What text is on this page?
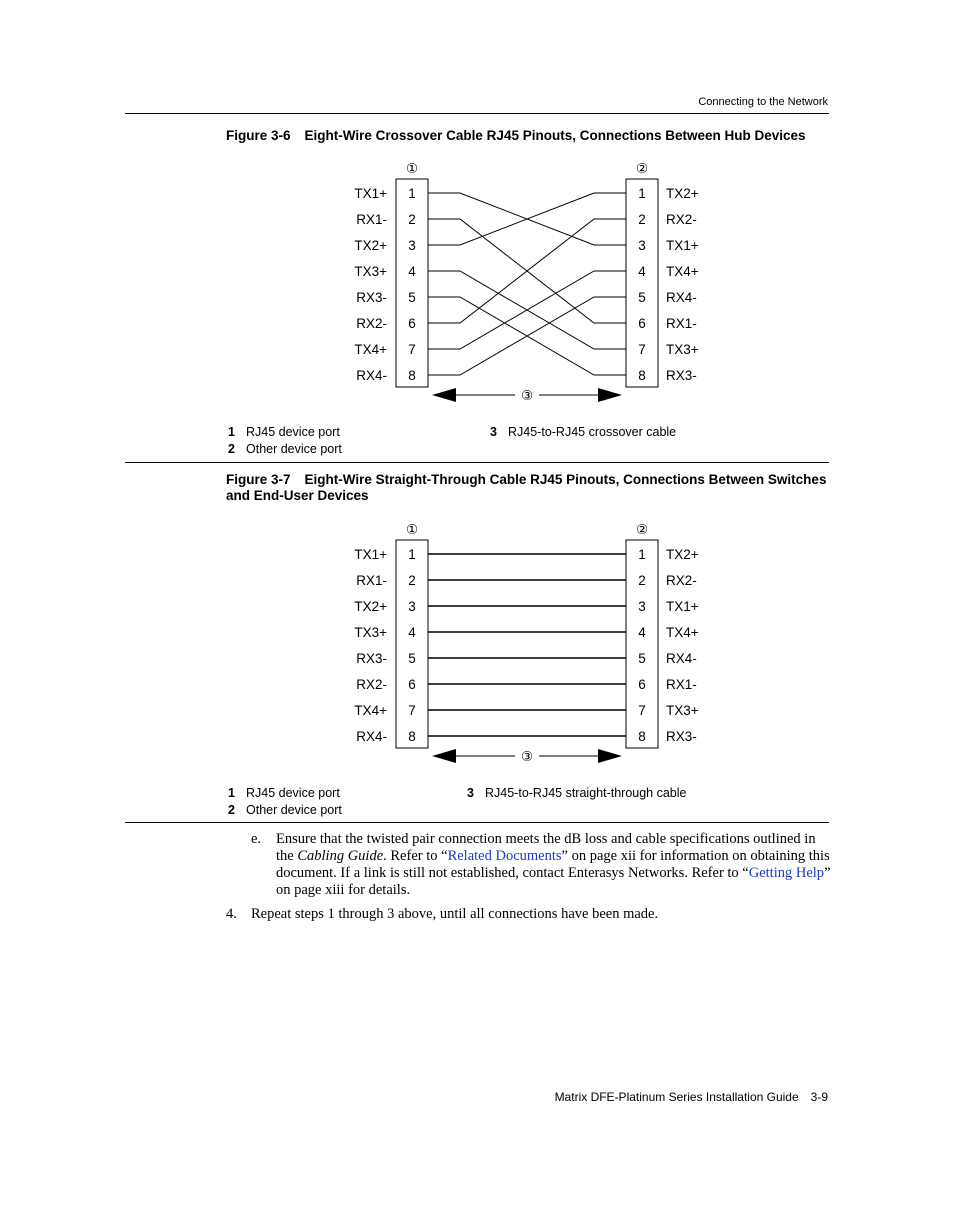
Connecting to the Network
Figure 3-6 Eight-Wire Crossover Cable RJ45 Pinouts, Connections Between Hub Devices
①	②
TX1+ 1	1 TX2+
RX1- 2	2 RX2-
TX2+ 3	3 TX1+
TX3+ 4	4 TX4+
RX3- 5	5 RX4-
RX2- 6	6 RX1-
TX4+ 7	7 TX3+
RX4- 8	8 RX3-
③
1 RJ45 device port
2 Other device port
3 RJ45-to-RJ45 crossover cable
Figure 3-7 Eight-Wire Straight-Through Cable RJ45 Pinouts, Connections Between Switches and End-User Devices
①	②
TX1+ 1	1 TX2+
RX1- 2	2 RX2-
TX2+ 3	3 TX1+
TX3+ 4	4 TX4+
RX3- 5	5 RX4-
RX2- 6	6 RX1-
TX4+ 7	7 TX3+
RX4- 8	8 RX3-
③
1 RJ45 device port
2 Other device port
3 RJ45-to-RJ45 straight-through cable
e. Ensure that the twisted pair connection meets the dB loss and cable specifications outlined in the Cabling Guide. Refer to “Related Documents” on page xii for information on obtaining this document. If a link is still not established, contact Enterasys Networks. Refer to “Getting Help” on page xiii for details.
4. Repeat steps 1 through 3 above, until all connections have been made.
Matrix DFE-Platinum Series Installation Guide 3-9
